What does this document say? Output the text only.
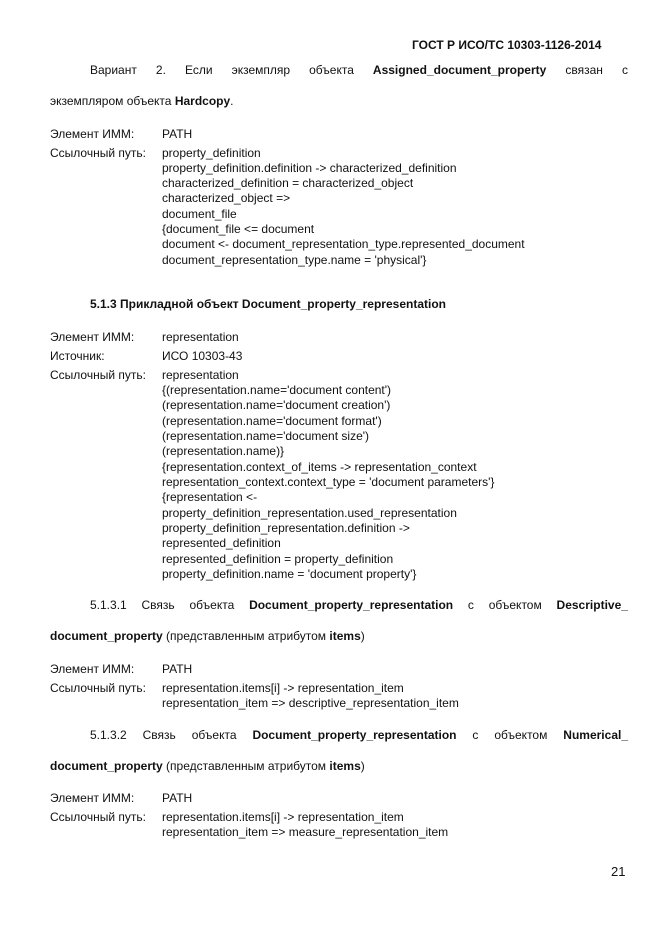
ГОСТ Р ИСО/ТС 10303-1126-2014
Вариант 2. Если экземпляр объекта Assigned_document_property связан с
экземпляром объекта Hardcopy.
Элемент ИММ: PATH
Ссылочный путь: property_definition
property_definition.definition -> characterized_definition
characterized_definition = characterized_object
characterized_object =>
document_file
{document_file <= document
document <- document_representation_type.represented_document
document_representation_type.name = 'physical'}
5.1.3 Прикладной объект Document_property_representation
Элемент ИММ: representation
Источник:	ИСО 10303-43
Ссылочный путь: representation
{(representation.name='document content')
(representation.name='document creation')
(representation.name='document format')
(representation.name='document size')
(representation.name)}
{representation.context_of_items -> representation_context
representation_context.context_type = 'document parameters'}
{representation <-
property_definition_representation.used_representation
property_definition_representation.definition ->
represented_definition
represented_definition = property_definition
property_definition.name = 'document property'}
5.1.3.1 Связь объекта Document_property_representation с объектом Descriptive_
document_property (представленным атрибутом items)
Элемент ИММ: PATH
Ссылочный путь: representation.items[i] -> representation_item
representation_item => descriptive_representation_item
5.1.3.2 Связь объекта Document_property_representation с объектом Numerical_
document_property (представленным атрибутом items)
Элемент ИММ: PATH
Ссылочный путь: representation.items[i] -> representation_item
representation_item => measure_representation_item
21
